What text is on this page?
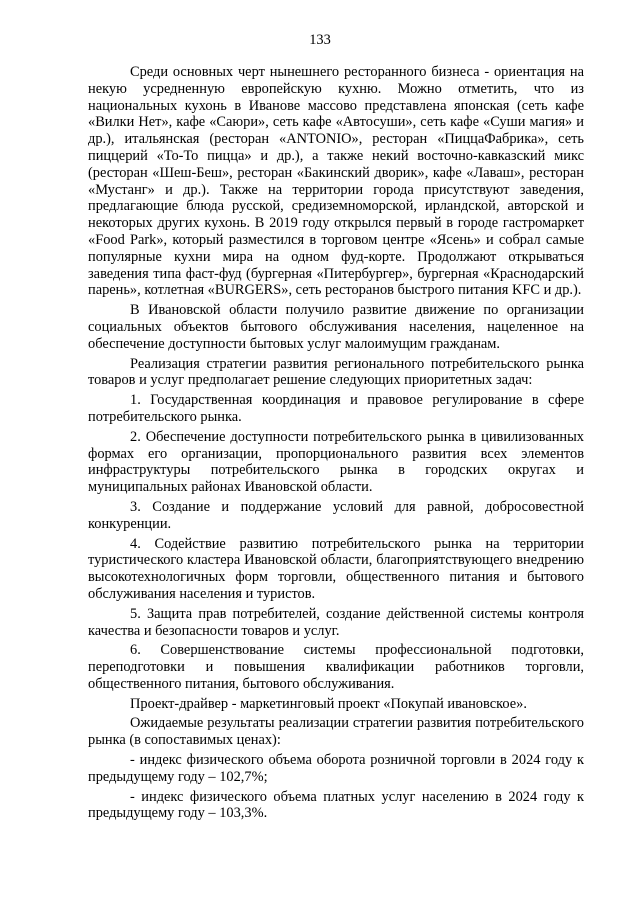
133

Среди основных черт нынешнего ресторанного бизнеса - ориентация на некую усредненную европейскую кухню. Можно отметить, что из национальных кухонь в Иванове массово представлена японская (сеть кафе «Вилки Нет», кафе «Саюри», сеть кафе «Автосуши», сеть кафе «Суши магия» и др.), итальянская (ресторан «ANTONIO», ресторан «ПиццаФабрика», сеть пиццерий «То-То пицца» и др.), а также некий восточно-кавказский микс (ресторан «Шеш-Беш», ресторан «Бакинский дворик», кафе «Лаваш», ресторан «Мустанг» и др.). Также на территории города присутствуют заведения, предлагающие блюда русской, средиземноморской, ирландской, авторской и некоторых других кухонь. В 2019 году открылся первый в городе гастромаркет «Food Park», который разместился в торговом центре «Ясень» и собрал самые популярные кухни мира на одном фуд-корте. Продолжают открываться заведения типа фаст-фуд (бургерная «Питербургер», бургерная «Краснодарский парень», котлетная «BURGERS», сеть ресторанов быстрого питания KFC и др.).

В Ивановской области получило развитие движение по организации социальных объектов бытового обслуживания населения, нацеленное на обеспечение доступности бытовых услуг малоимущим гражданам.

Реализация стратегии развития регионального потребительского рынка товаров и услуг предполагает решение следующих приоритетных задач:

1. Государственная координация и правовое регулирование в сфере потребительского рынка.

2. Обеспечение доступности потребительского рынка в цивилизованных формах его организации, пропорционального развития всех элементов инфраструктуры потребительского рынка в городских округах и муниципальных районах Ивановской области.

3. Создание и поддержание условий для равной, добросовестной конкуренции.

4. Содействие развитию потребительского рынка на территории туристического кластера Ивановской области, благоприятствующего внедрению высокотехнологичных форм торговли, общественного питания и бытового обслуживания населения и туристов.

5. Защита прав потребителей, создание действенной системы контроля качества и безопасности товаров и услуг.

6. Совершенствование системы профессиональной подготовки, переподготовки и повышения квалификации работников торговли, общественного питания, бытового обслуживания.

Проект-драйвер - маркетинговый проект «Покупай ивановское».

Ожидаемые результаты реализации стратегии развития потребительского рынка (в сопоставимых ценах):

- индекс физического объема оборота розничной торговли в 2024 году к предыдущему году – 102,7%;

- индекс физического объема платных услуг населению в 2024 году к предыдущему году – 103,3%.
